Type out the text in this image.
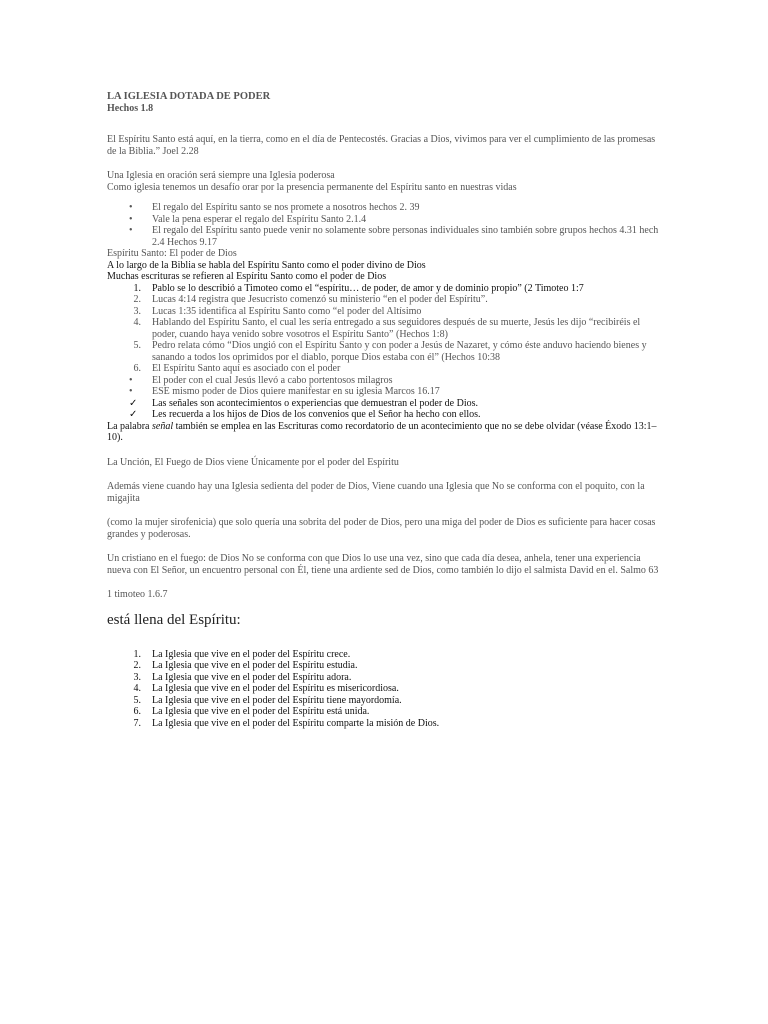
LA IGLESIA DOTADA DE PODER

Hechos 1.8

El Espíritu Santo está aquí, en la tierra, como en el día de Pentecostés. Gracias a Dios, vivimos para ver el cumplimiento de las promesas de la Biblia.” Joel 2.28

Una Iglesia en oración será siempre una Iglesia poderosa

Como iglesia tenemos un desafío orar por la presencia permanente del Espíritu santo en nuestras vidas

• El regalo del Espíritu santo se nos promete a nosotros hechos 2. 39
• Vale la pena esperar el regalo del Espíritu Santo 2.1.4
• El regalo del Espíritu santo puede venir no solamente sobre personas individuales sino también sobre grupos hechos 4.31 hech 2.4 Hechos 9.17

Espíritu Santo: El poder de Dios

A lo largo de la Biblia se habla del Espíritu Santo como el poder divino de Dios

Muchas escrituras se refieren al Espíritu Santo como el poder de Dios

1. Pablo se lo describió a Timoteo como el “espíritu… de poder, de amor y de dominio propio” (2 Timoteo 1:7
2. Lucas 4:14 registra que Jesucristo comenzó su ministerio “en el poder del Espíritu”.
3. Lucas 1:35 identifica al Espíritu Santo como “el poder del Altísimo
4. Hablando del Espíritu Santo, el cual les sería entregado a sus seguidores después de su muerte, Jesús les dijo “recibiréis el poder, cuando haya venido sobre vosotros el Espíritu Santo” (Hechos 1:8)
5. Pedro relata cómo “Dios ungió con el Espíritu Santo y con poder a Jesús de Nazaret, y cómo éste anduvo haciendo bienes y sanando a todos los oprimidos por el diablo, porque Dios estaba con él” (Hechos 10:38
6. El Espíritu Santo aquí es asociado con el poder
• El poder con el cual Jesús llevó a cabo portentosos milagros
• ESE mismo poder de Dios quiere manifestar en su iglesia Marcos 16.17
✓ Las señales son acontecimientos o experiencias que demuestran el poder de Dios.
✓ Les recuerda a los hijos de Dios de los convenios que el Señor ha hecho con ellos.

La palabra señal también se emplea en las Escrituras como recordatorio de un acontecimiento que no se debe olvidar (véase Éxodo 13:1–10).

La Unción, El Fuego de Dios viene Únicamente por el poder del Espíritu

Además viene cuando hay una Iglesia sedienta del poder de Dios, Viene cuando una Iglesia que No se conforma con el poquito, con la migajita

(como la mujer sirofenicia) que solo quería una sobrita del poder de Dios, pero una miga del poder de Dios es suficiente para hacer cosas grandes y poderosas.

Un cristiano en el fuego: de Dios No se conforma con que Dios lo use una vez, sino que cada día desea, anhela, tener una experiencia nueva con El Señor, un encuentro personal con Él, tiene una ardiente sed de Dios, como también lo dijo el salmista David en el. Salmo 63

1 timoteo 1.6.7

está llena del Espíritu:

1. La Iglesia que vive en el poder del Espíritu crece.
2. La Iglesia que vive en el poder del Espíritu estudia.
3. La Iglesia que vive en el poder del Espíritu adora.
4. La Iglesia que vive en el poder del Espíritu es misericordiosa.
5. La Iglesia que vive en el poder del Espíritu tiene mayordomía.
6. La Iglesia que vive en el poder del Espíritu está unida.
7. La Iglesia que vive en el poder del Espíritu comparte la misión de Dios.
